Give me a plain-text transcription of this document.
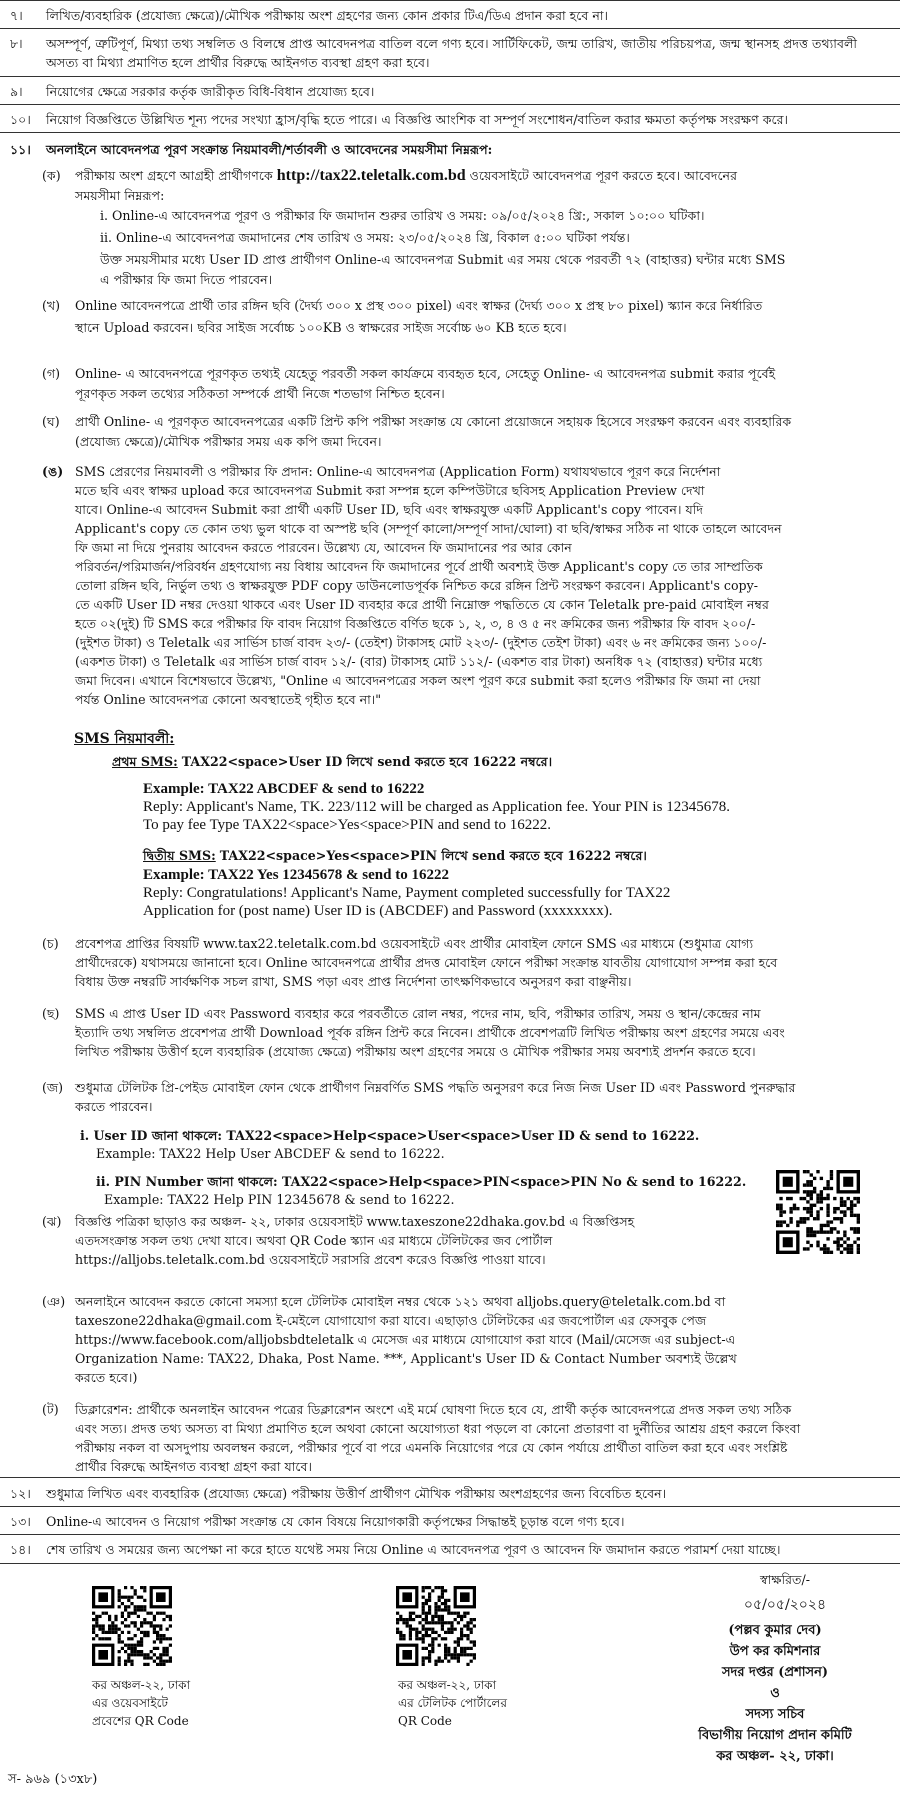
৭। লিখিত/ব্যবহারিক (প্রযোজ্য ক্ষেত্রে)/মৌখিক পরীক্ষায় অংশ গ্রহণের জন্য কোন প্রকার টিএ/ডিএ প্রদান করা হবে না।
৮। অসম্পূর্ণ, ত্রুটিপূর্ণ, মিথ্যা তথ্য সম্বলিত ও বিলম্বে প্রাপ্ত আবেদনপত্র বাতিল বলে গণ্য হবে। সার্টিফিকেট, জন্ম তারিখ, জাতীয় পরিচয়পত্র, জন্ম স্থানসহ প্রদত্ত তথ্যাবলী অসত্য বা মিথ্যা প্রমাণিত হলে প্রার্থীর বিরুদ্ধে আইনগত ব্যবস্থা গ্রহণ করা হবে।
৯। নিয়োগের ক্ষেত্রে সরকার কর্তৃক জারীকৃত বিধি-বিধান প্রযোজ্য হবে।
১০। নিয়োগ বিজ্ঞপ্তিতে উল্লিখিত শূন্য পদের সংখ্যা হ্রাস/বৃদ্ধি হতে পারে। এ বিজ্ঞপ্তি আংশিক বা সম্পূর্ণ সংশোধন/বাতিল করার ক্ষমতা কর্তৃপক্ষ সংরক্ষণ করে।
১১। অনলাইনে আবেদনপত্র পূরণ সংক্রান্ত নিয়মাবলী/শর্তাবলী ও আবেদনের সময়সীমা নিম্নরূপ:
(ক) পরীক্ষায় অংশ গ্রহণে আগ্রহী প্রার্থীগণকে http://tax22.teletalk.com.bd ওয়েবসাইটে আবেদনপত্র পূরণ করতে হবে। আবেদনের
সময়সীমা নিম্নরূপ:
i. Online-এ আবেদনপত্র পূরণ ও পরীক্ষার ফি জমাদান শুরুর তারিখ ও সময়: ০৯/০৫/২০২৪ খ্রি:, সকাল ১০:০০ ঘটিকা।
ii. Online-এ আবেদনপত্র জমাদানের শেষ তারিখ ও সময়: ২৩/০৫/২০২৪ খ্রি, বিকাল ৫:০০ ঘটিকা পর্যন্ত।
উক্ত সময়সীমার মধ্যে User ID প্রাপ্ত প্রার্থীগণ Online-এ আবেদনপত্র Submit এর সময় থেকে পরবর্তী ৭২ (বাহাত্তর) ঘন্টার মধ্যে SMS
এ পরীক্ষার ফি জমা দিতে পারবেন।
(খ) Online আবেদনপত্রে প্রার্থী তার রঙ্গিন ছবি (দৈর্ঘ্য ৩০০ x প্রস্থ ৩০০ pixel) এবং স্বাক্ষর (দৈর্ঘ্য ৩০০ x প্রস্থ ৮০ pixel) স্ক্যান করে নির্ধারিত
স্থানে Upload করবেন। ছবির সাইজ সর্বোচ্চ ১০০KB ও স্বাক্ষরের সাইজ সর্বোচ্চ ৬০ KB হতে হবে।
(গ) Online- এ আবেদনপত্রে পূরণকৃত তথ্যই যেহেতু পরবর্তী সকল কার্যক্রমে ব্যবহৃত হবে, সেহেতু Online- এ আবেদনপত্র submit করার পূর্বেই
পূরণকৃত সকল তথ্যের সঠিকতা সম্পর্কে প্রার্থী নিজে শতভাগ নিশ্চিত হবেন।
(ঘ) প্রার্থী Online- এ পূরণকৃত আবেদনপত্রের একটি প্রিন্ট কপি পরীক্ষা সংক্রান্ত যে কোনো প্রয়োজনে সহায়ক হিসেবে সংরক্ষণ করবেন এবং ব্যবহারিক
(প্রযোজ্য ক্ষেত্রে)/মৌখিক পরীক্ষার সময় এক কপি জমা দিবেন।
(ঙ) SMS প্রেরণের নিয়মাবলী ও পরীক্ষার ফি প্রদান: Online-এ আবেদনপত্র (Application Form) যথাযথভাবে পূরণ করে নির্দেশনা
মতে ছবি এবং স্বাক্ষর upload করে আবেদনপত্র Submit করা সম্পন্ন হলে কম্পিউটারে ছবিসহ Application Preview দেখা
যাবে। Online-এ আবেদন Submit করা প্রার্থী একটি User ID, ছবি এবং স্বাক্ষরযুক্ত একটি Applicant's copy পাবেন। যদি
Applicant's copy তে কোন তথ্য ভুল থাকে বা অস্পষ্ট ছবি (সম্পূর্ণ কালো/সম্পূর্ণ সাদা/ঘোলা) বা ছবি/স্বাক্ষর সঠিক না থাকে তাহলে আবেদন
ফি জমা না দিয়ে পুনরায় আবেদন করতে পারবেন। উল্লেখ্য যে, আবেদন ফি জমাদানের পর আর কোন
পরিবর্তন/পরিমার্জন/পরিবর্ধন গ্রহণযোগ্য নয় বিধায় আবেদন ফি জমাদানের পূর্বে প্রার্থী অবশ্যই উক্ত Applicant's copy তে তার সাম্প্রতিক
তোলা রঙ্গিন ছবি, নির্ভুল তথ্য ও স্বাক্ষরযুক্ত PDF copy ডাউনলোডপূর্বক নিশ্চিত করে রঙ্গিন প্রিন্ট সংরক্ষণ করবেন। Applicant's copy-
তে একটি User ID নম্বর দেওয়া থাকবে এবং User ID ব্যবহার করে প্রার্থী নিম্নোক্ত পদ্ধতিতে যে কোন Teletalk pre-paid মোবাইল নম্বর
হতে ০২(দুই) টি SMS করে পরীক্ষার ফি বাবদ নিয়োগ বিজ্ঞপ্তিতে বর্ণিত ছকে ১, ২, ৩, ৪ ও ৫ নং ক্রমিকের জন্য পরীক্ষার ফি বাবদ ২০০/-
(দুইশত টাকা) ও Teletalk এর সার্ভিস চার্জ বাবদ ২৩/- (তেইশ) টাকাসহ মোট ২২৩/- (দুইশত তেইশ টাকা) এবং ৬ নং ক্রমিকের জন্য ১০০/-
(একশত টাকা) ও Teletalk এর সার্ভিস চার্জ বাবদ ১২/- (বার) টাকাসহ মোট ১১২/- (একশত বার টাকা) অনধিক ৭২ (বাহাত্তর) ঘন্টার মধ্যে
জমা দিবেন। এখানে বিশেষভাবে উল্লেখ্য, "Online এ আবেদনপত্রের সকল অংশ পূরণ করে submit করা হলেও পরীক্ষার ফি জমা না দেয়া
পর্যন্ত Online আবেদনপত্র কোনো অবস্থাতেই গৃহীত হবে না।"
SMS নিয়মাবলী:
প্রথম SMS: TAX22<space>User ID লিখে send করতে হবে 16222 নম্বরে।
Example: TAX22 ABCDEF & send to 16222
Reply: Applicant's Name, TK. 223/112 will be charged as Application fee. Your PIN is 12345678.
To pay fee Type TAX22<space>Yes<space>PIN and send to 16222.
দ্বিতীয় SMS: TAX22<space>Yes<space>PIN লিখে send করতে হবে 16222 নম্বরে।
Example: TAX22 Yes 12345678 & send to 16222
Reply: Congratulations! Applicant's Name, Payment completed successfully for TAX22
Application for (post name) User ID is (ABCDEF) and Password (xxxxxxxx).
(চ) প্রবেশপত্র প্রাপ্তির বিষয়টি www.tax22.teletalk.com.bd ওয়েবসাইটে এবং প্রার্থীর মোবাইল ফোনে SMS এর মাধ্যমে (শুধুমাত্র যোগ্য
প্রার্থীদেরকে) যথাসময়ে জানানো হবে। Online আবেদনপত্রে প্রার্থীর প্রদত্ত মোবাইল ফোনে পরীক্ষা সংক্রান্ত যাবতীয় যোগাযোগ সম্পন্ন করা হবে
বিধায় উক্ত নম্বরটি সার্বক্ষণিক সচল রাখা, SMS পড়া এবং প্রাপ্ত নির্দেশনা তাৎক্ষণিকভাবে অনুসরণ করা বাঞ্ছনীয়।
(ছ) SMS এ প্রাপ্ত User ID এবং Password ব্যবহার করে পরবর্তীতে রোল নম্বর, পদের নাম, ছবি, পরীক্ষার তারিখ, সময় ও স্থান/কেন্দ্রের নাম
ইত্যাদি তথ্য সম্বলিত প্রবেশপত্র প্রার্থী Download পূর্বক রঙ্গিন প্রিন্ট করে নিবেন। প্রার্থীকে প্রবেশপত্রটি লিখিত পরীক্ষায় অংশ গ্রহণের সময়ে এবং
লিখিত পরীক্ষায় উত্তীর্ণ হলে ব্যবহারিক (প্রযোজ্য ক্ষেত্রে) পরীক্ষায় অংশ গ্রহণের সময়ে ও মৌখিক পরীক্ষার সময় অবশ্যই প্রদর্শন করতে হবে।
(জ) শুধুমাত্র টেলিটক প্রি-পেইড মোবাইল ফোন থেকে প্রার্থীগণ নিম্নবর্ণিত SMS পদ্ধতি অনুসরণ করে নিজ নিজ User ID এবং Password পুনরুদ্ধার
করতে পারবেন।
i. User ID জানা থাকলে: TAX22<space>Help<space>User<space>User ID & send to 16222.
Example: TAX22 Help User ABCDEF & send to 16222.
ii. PIN Number জানা থাকলে: TAX22<space>Help<space>PIN<space>PIN No & send to 16222.
Example: TAX22 Help PIN 12345678 & send to 16222.
(ঝ) বিজ্ঞপ্তি পত্রিকা ছাড়াও কর অঞ্চল- ২২, ঢাকার ওয়েবসাইট www.taxeszone22dhaka.gov.bd এ বিজ্ঞপ্তিসহ
এতদসংক্রান্ত সকল তথ্য দেখা যাবে। অথবা QR Code স্ক্যান এর মাধ্যমে টেলিটকের জব পোর্টাল
https://alljobs.teletalk.com.bd ওয়েবসাইটে সরাসরি প্রবেশ করেও বিজ্ঞপ্তি পাওয়া যাবে।
(ঞ) অনলাইনে আবেদন করতে কোনো সমস্যা হলে টেলিটক মোবাইল নম্বর থেকে ১২১ অথবা alljobs.query@teletalk.com.bd বা
taxeszone22dhaka@gmail.com ই-মেইলে যোগাযোগ করা যাবে। এছাড়াও টেলিটকের এর জবপোর্টাল এর ফেসবুক পেজ
https://www.facebook.com/alljobsbdteletalk এ মেসেজ এর মাধ্যমে যোগাযোগ করা যাবে (Mail/মেসেজ এর subject-এ
Organization Name: TAX22, Dhaka, Post Name. ***, Applicant's User ID & Contact Number অবশ্যই উল্লেখ
করতে হবে।)
(ট) ডিক্লারেশন: প্রার্থীকে অনলাইন আবেদন পত্রের ডিক্লারেশন অংশে এই মর্মে ঘোষণা দিতে হবে যে, প্রার্থী কর্তৃক আবেদনপত্রে প্রদত্ত সকল তথ্য সঠিক
এবং সত্য। প্রদত্ত তথ্য অসত্য বা মিথ্যা প্রমাণিত হলে অথবা কোনো অযোগ্যতা ধরা পড়লে বা কোনো প্রতারণা বা দুর্নীতির আশ্রয় গ্রহণ করলে কিংবা
পরীক্ষায় নকল বা অসদুপায় অবলম্বন করলে, পরীক্ষার পূর্বে বা পরে এমনকি নিয়োগের পরে যে কোন পর্যায়ে প্রার্থীতা বাতিল করা হবে এবং সংশ্লিষ্ট
প্রার্থীর বিরুদ্ধে আইনগত ব্যবস্থা গ্রহণ করা যাবে।
১২। শুধুমাত্র লিখিত এবং ব্যবহারিক (প্রযোজ্য ক্ষেত্রে) পরীক্ষায় উত্তীর্ণ প্রার্থীগণ মৌখিক পরীক্ষায় অংশগ্রহণের জন্য বিবেচিত হবেন।
১৩। Online-এ আবেদন ও নিয়োগ পরীক্ষা সংক্রান্ত যে কোন বিষয়ে নিয়োগকারী কর্তৃপক্ষের সিদ্ধান্তই চূড়ান্ত বলে গণ্য হবে।
১৪। শেষ তারিখ ও সময়ের জন্য অপেক্ষা না করে হাতে যথেষ্ট সময় নিয়ে Online এ আবেদনপত্র পূরণ ও আবেদন ফি জমাদান করতে পরামর্শ দেয়া যাচ্ছে।
কর অঞ্চল-২২, ঢাকা
এর ওয়েবসাইটে
প্রবেশের QR Code
কর অঞ্চল-২২, ঢাকা
এর টেলিটক পোর্টালের
QR Code
স্বাক্ষরিত/-
০৫/০৫/২০২৪
(পল্লব কুমার দেব)
উপ কর কমিশনার
সদর দপ্তর (প্রশাসন)
ও
সদস্য সচিব
বিভাগীয় নিয়োগ প্রদান কমিটি
কর অঞ্চল- ২২, ঢাকা।
স- ৯৬৯ (১৩x৮)
